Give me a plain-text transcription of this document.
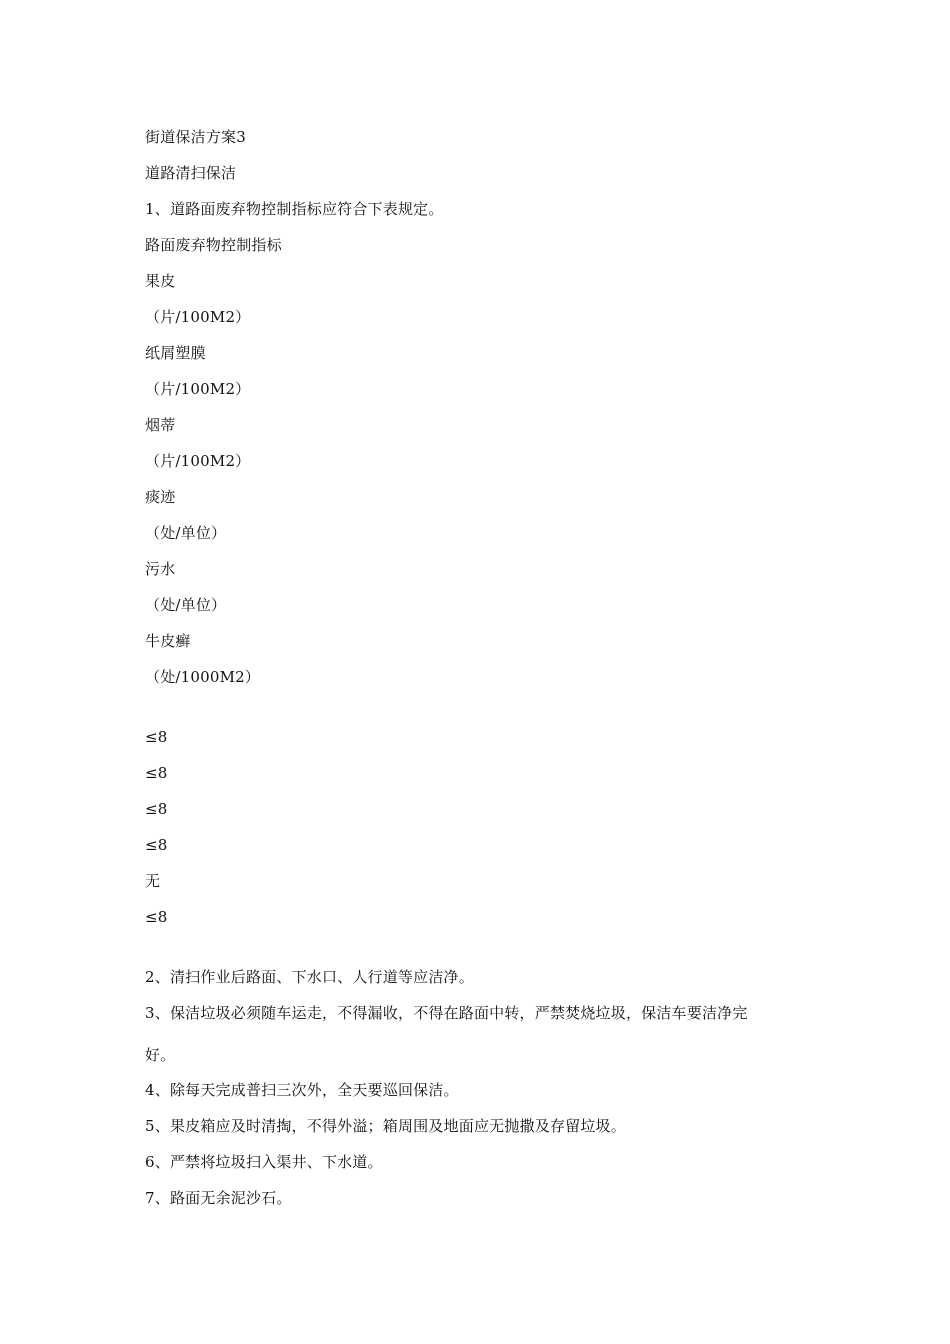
街道保洁方案3
道路清扫保洁
1、道路面废弃物控制指标应符合下表规定。
路面废弃物控制指标
果皮
（片/100M2）
纸屑塑膜
（片/100M2）
烟蒂
（片/100M2）
痰迹
（处/单位）
污水
（处/单位）
牛皮癣
（处/1000M2）
≤8
≤8
≤8
≤8
无
≤8
2、清扫作业后路面、下水口、人行道等应洁净。
3、保洁垃圾必须随车运走，不得漏收，不得在路面中转，严禁焚烧垃圾，保洁车要洁净完
好。
4、除每天完成普扫三次外，全天要巡回保洁。
5、果皮箱应及时清掏，不得外溢；箱周围及地面应无抛撒及存留垃圾。
6、严禁将垃圾扫入渠井、下水道。
7、路面无余泥沙石。
